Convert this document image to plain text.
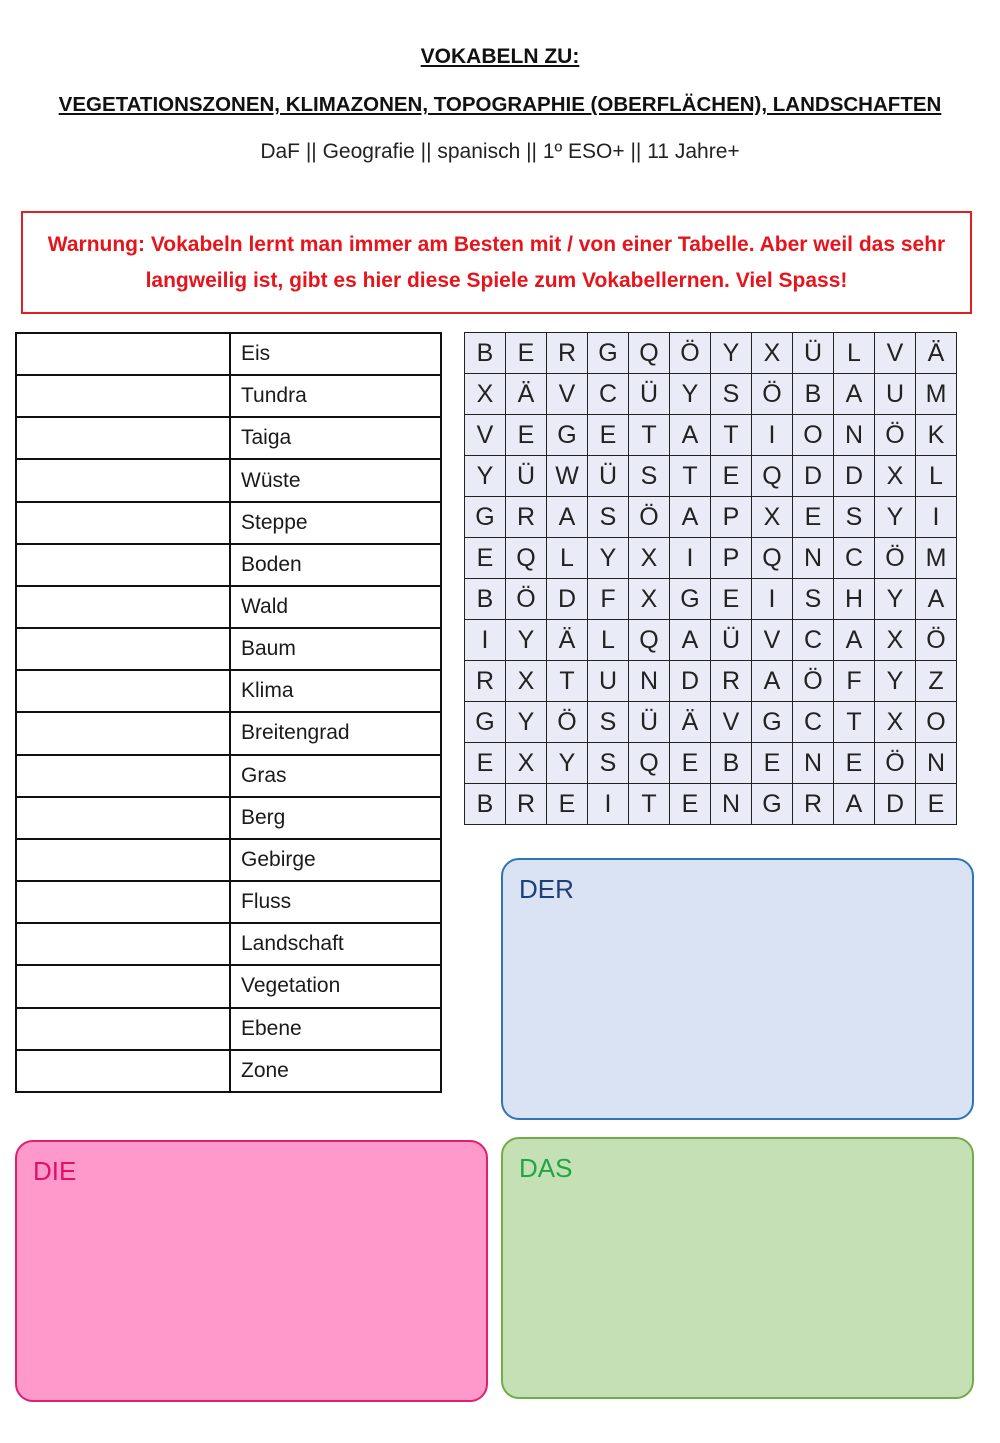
VOKABELN ZU:
VEGETATIONSZONEN, KLIMAZONEN, TOPOGRAPHIE (OBERFLÄCHEN), LANDSCHAFTEN
DaF || Geografie || spanisch || 1º ESO+ || 11 Jahre+
Warnung: Vokabeln lernt man immer am Besten mit / von einer Tabelle. Aber weil das sehr langweilig ist, gibt es hier diese Spiele zum Vokabellernen. Viel Spass!
	Eis
	Tundra
	Taiga
	Wüste
	Steppe
	Boden
	Wald
	Baum
	Klima
	Breitengrad
	Gras
	Berg
	Gebirge
	Fluss
	Landschaft
	Vegetation
	Ebene
	Zone
B	E	R	G	Q	Ö	Y	X	Ü	L	V	Ä
X	Ä	V	C	Ü	Y	S	Ö	B	A	U	M
V	E	G	E	T	A	T	I	O	N	Ö	K
Y	Ü	W	Ü	S	T	E	Q	D	D	X	L
G	R	A	S	Ö	A	P	X	E	S	Y	I
E	Q	L	Y	X	I	P	Q	N	C	Ö	M
B	Ö	D	F	X	G	E	I	S	H	Y	A
I	Y	Ä	L	Q	A	Ü	V	C	A	X	Ö
R	X	T	U	N	D	R	A	Ö	F	Y	Z
G	Y	Ö	S	Ü	Ä	V	G	C	T	X	O
E	X	Y	S	Q	E	B	E	N	E	Ö	N
B	R	E	I	T	E	N	G	R	A	D	E
DER
DIE	DAS
